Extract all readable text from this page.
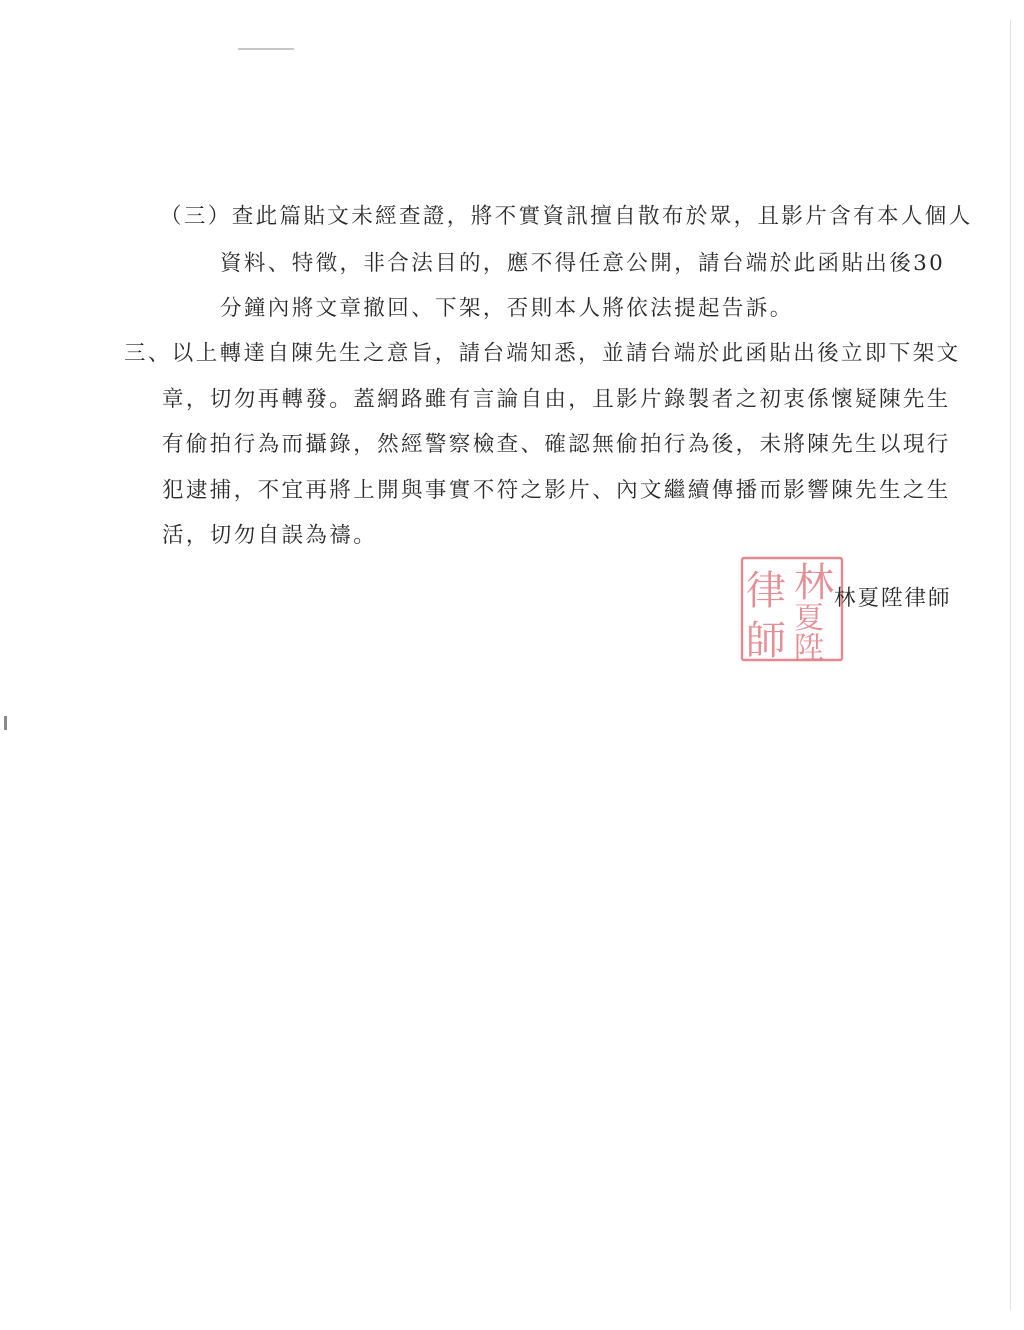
（三）查此篇貼文未經查證，將不實資訊擅自散布於眾，且影片含有本人個人
資料、特徵，非合法目的，應不得任意公開，請台端於此函貼出後30
分鐘內將文章撤回、下架，否則本人將依法提起告訴。
三、以上轉達自陳先生之意旨，請台端知悉，並請台端於此函貼出後立即下架文
章，切勿再轉發。蓋網路雖有言論自由，且影片錄製者之初衷係懷疑陳先生
有偷拍行為而攝錄，然經警察檢查、確認無偷拍行為後，未將陳先生以現行
犯逮捕，不宜再將上開與事實不符之影片、內文繼續傳播而影響陳先生之生
活，切勿自誤為禱。
律 林
師 夏
陞
林夏陞律師
